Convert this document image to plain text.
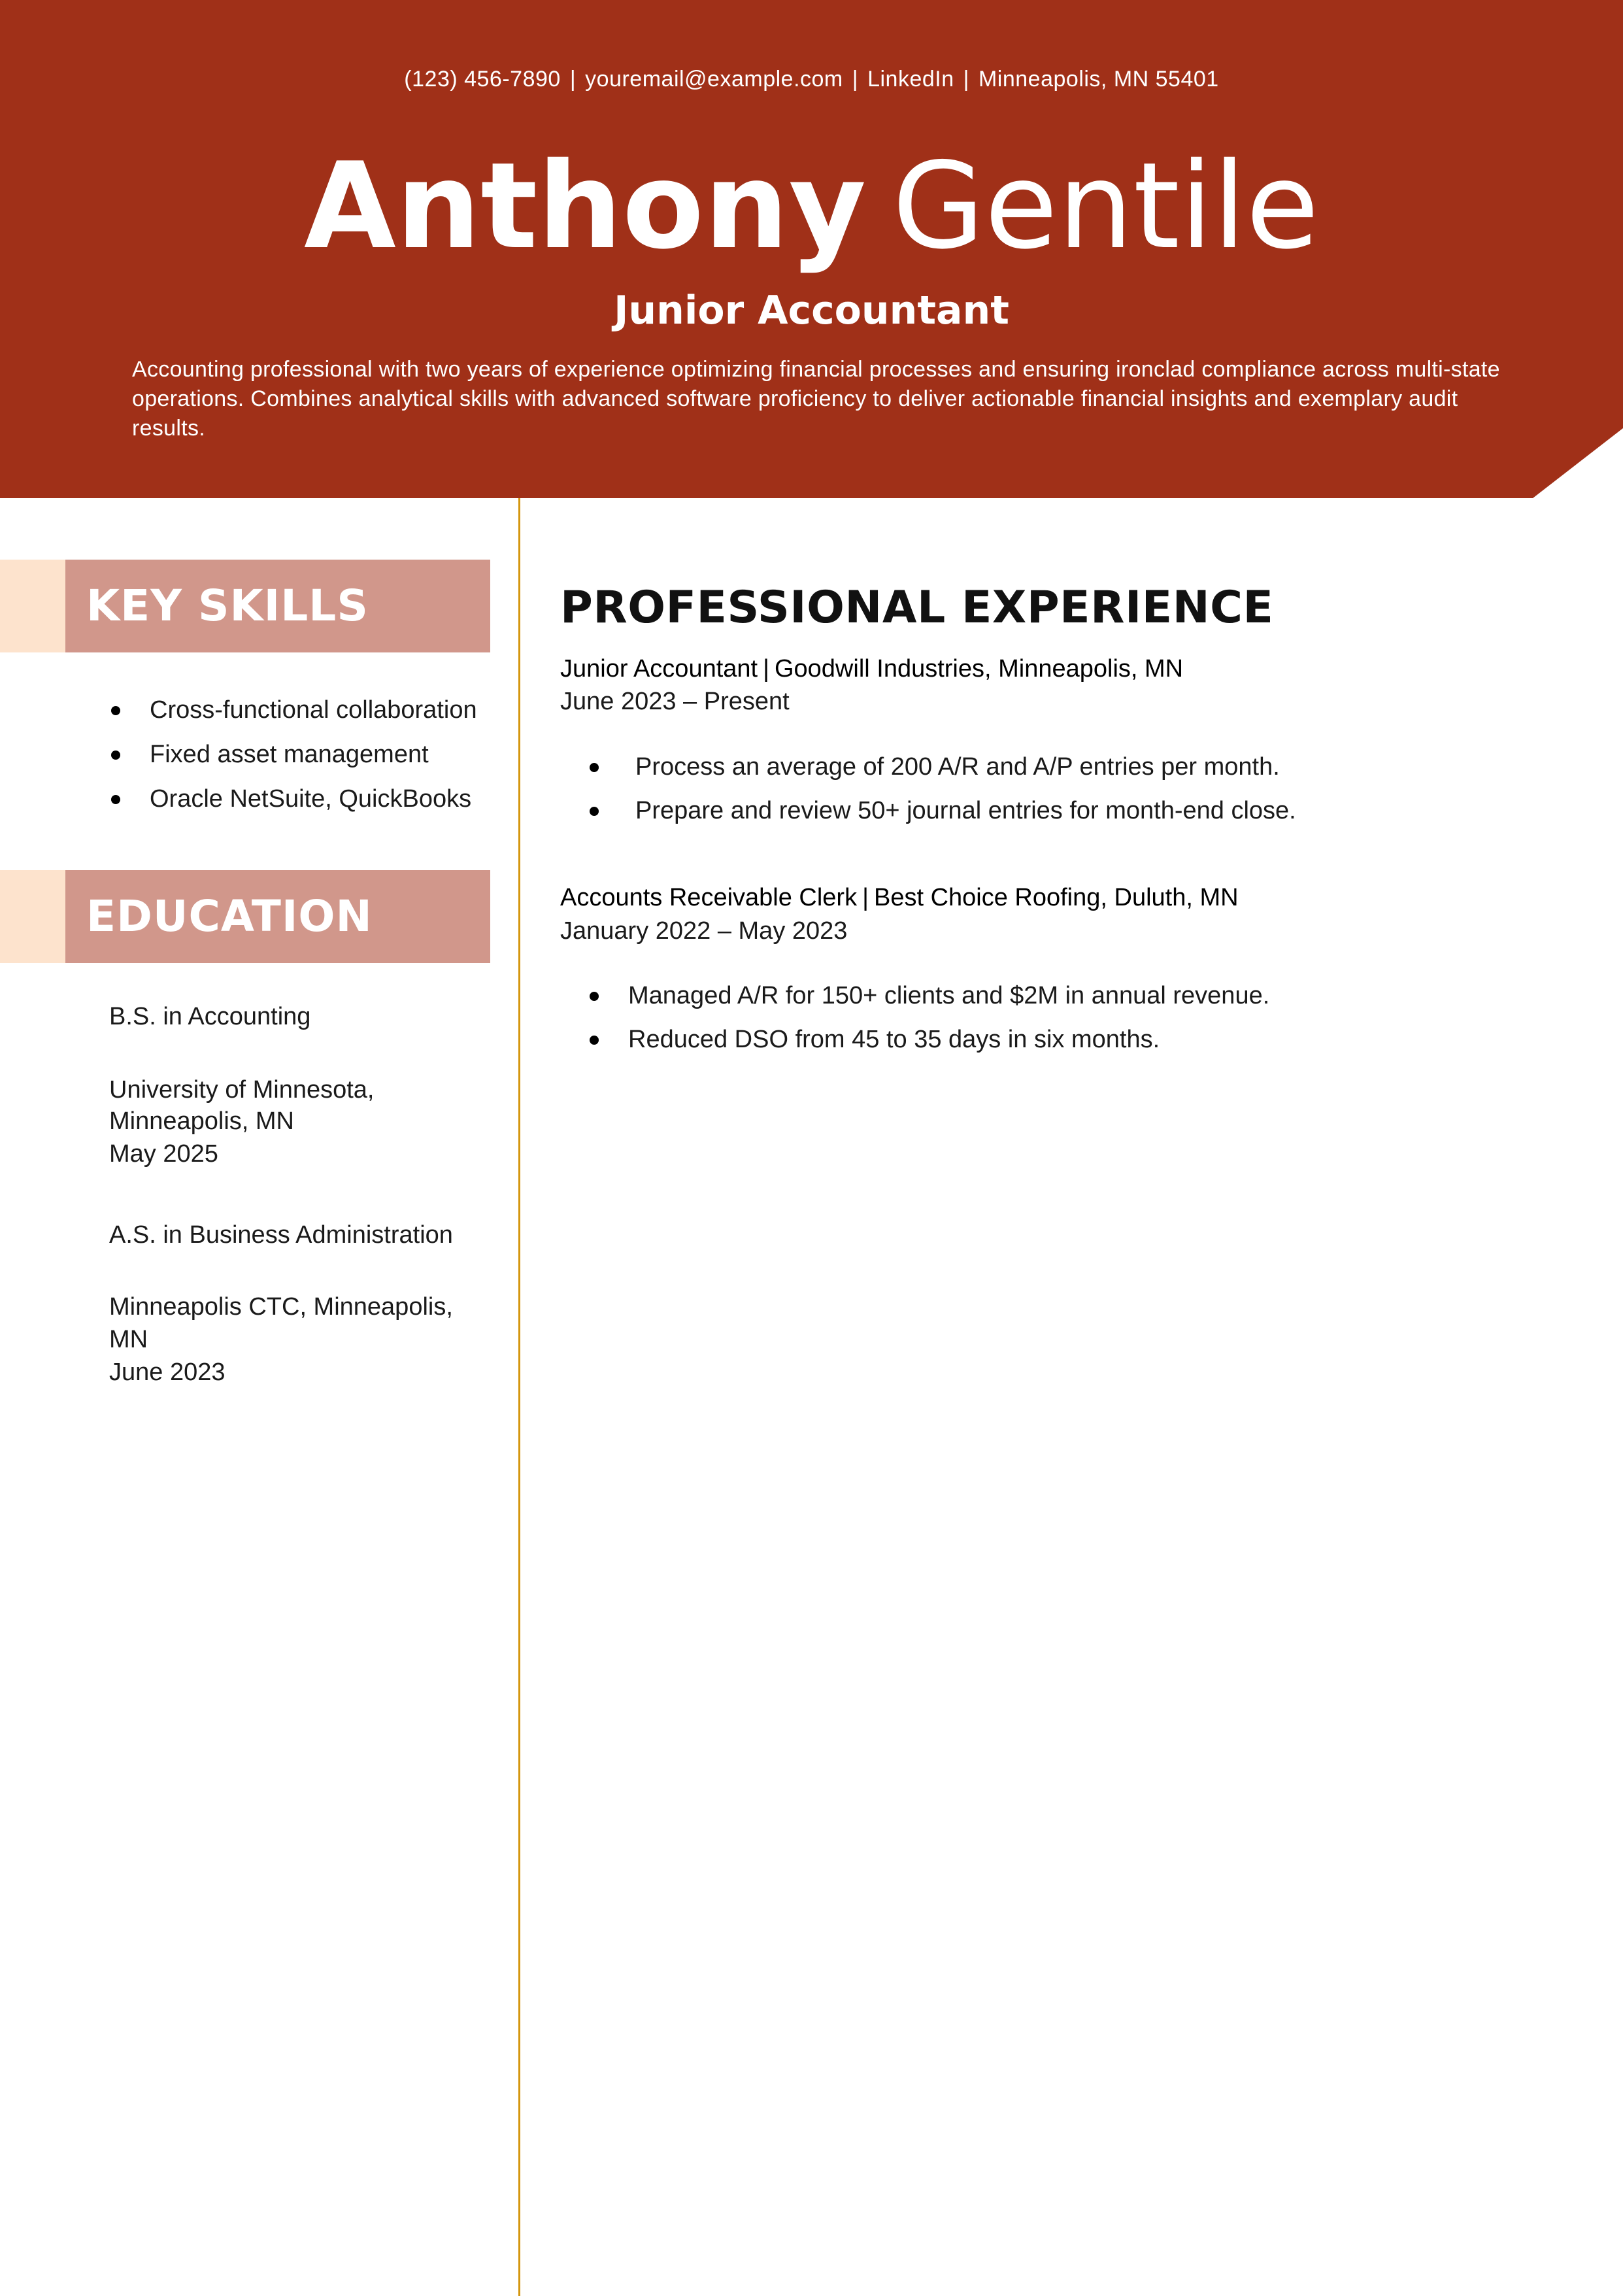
(123) 456-7890 | youremail@example.com | LinkedIn | Minneapolis, MN 55401
Anthony Gentile
Junior Accountant
Accounting professional with two years of experience optimizing financial processes and ensuring ironclad compliance across multi-state operations. Combines analytical skills with advanced software proficiency to deliver actionable financial insights and exemplary audit results.
KEY SKILLS
Cross-functional collaboration
Fixed asset management
Oracle NetSuite, QuickBooks
EDUCATION
B.S. in Accounting
University of Minnesota,
Minneapolis, MN
May 2025
A.S. in Business Administration
Minneapolis CTC, Minneapolis,
MN
June 2023
PROFESSIONAL EXPERIENCE
Junior Accountant | Goodwill Industries, Minneapolis, MN
June 2023 – Present
Process an average of 200 A/R and A/P entries per month.
Prepare and review 50+ journal entries for month-end close.
Accounts Receivable Clerk | Best Choice Roofing, Duluth, MN
January 2022 – May 2023
Managed A/R for 150+ clients and $2M in annual revenue.
Reduced DSO from 45 to 35 days in six months.
